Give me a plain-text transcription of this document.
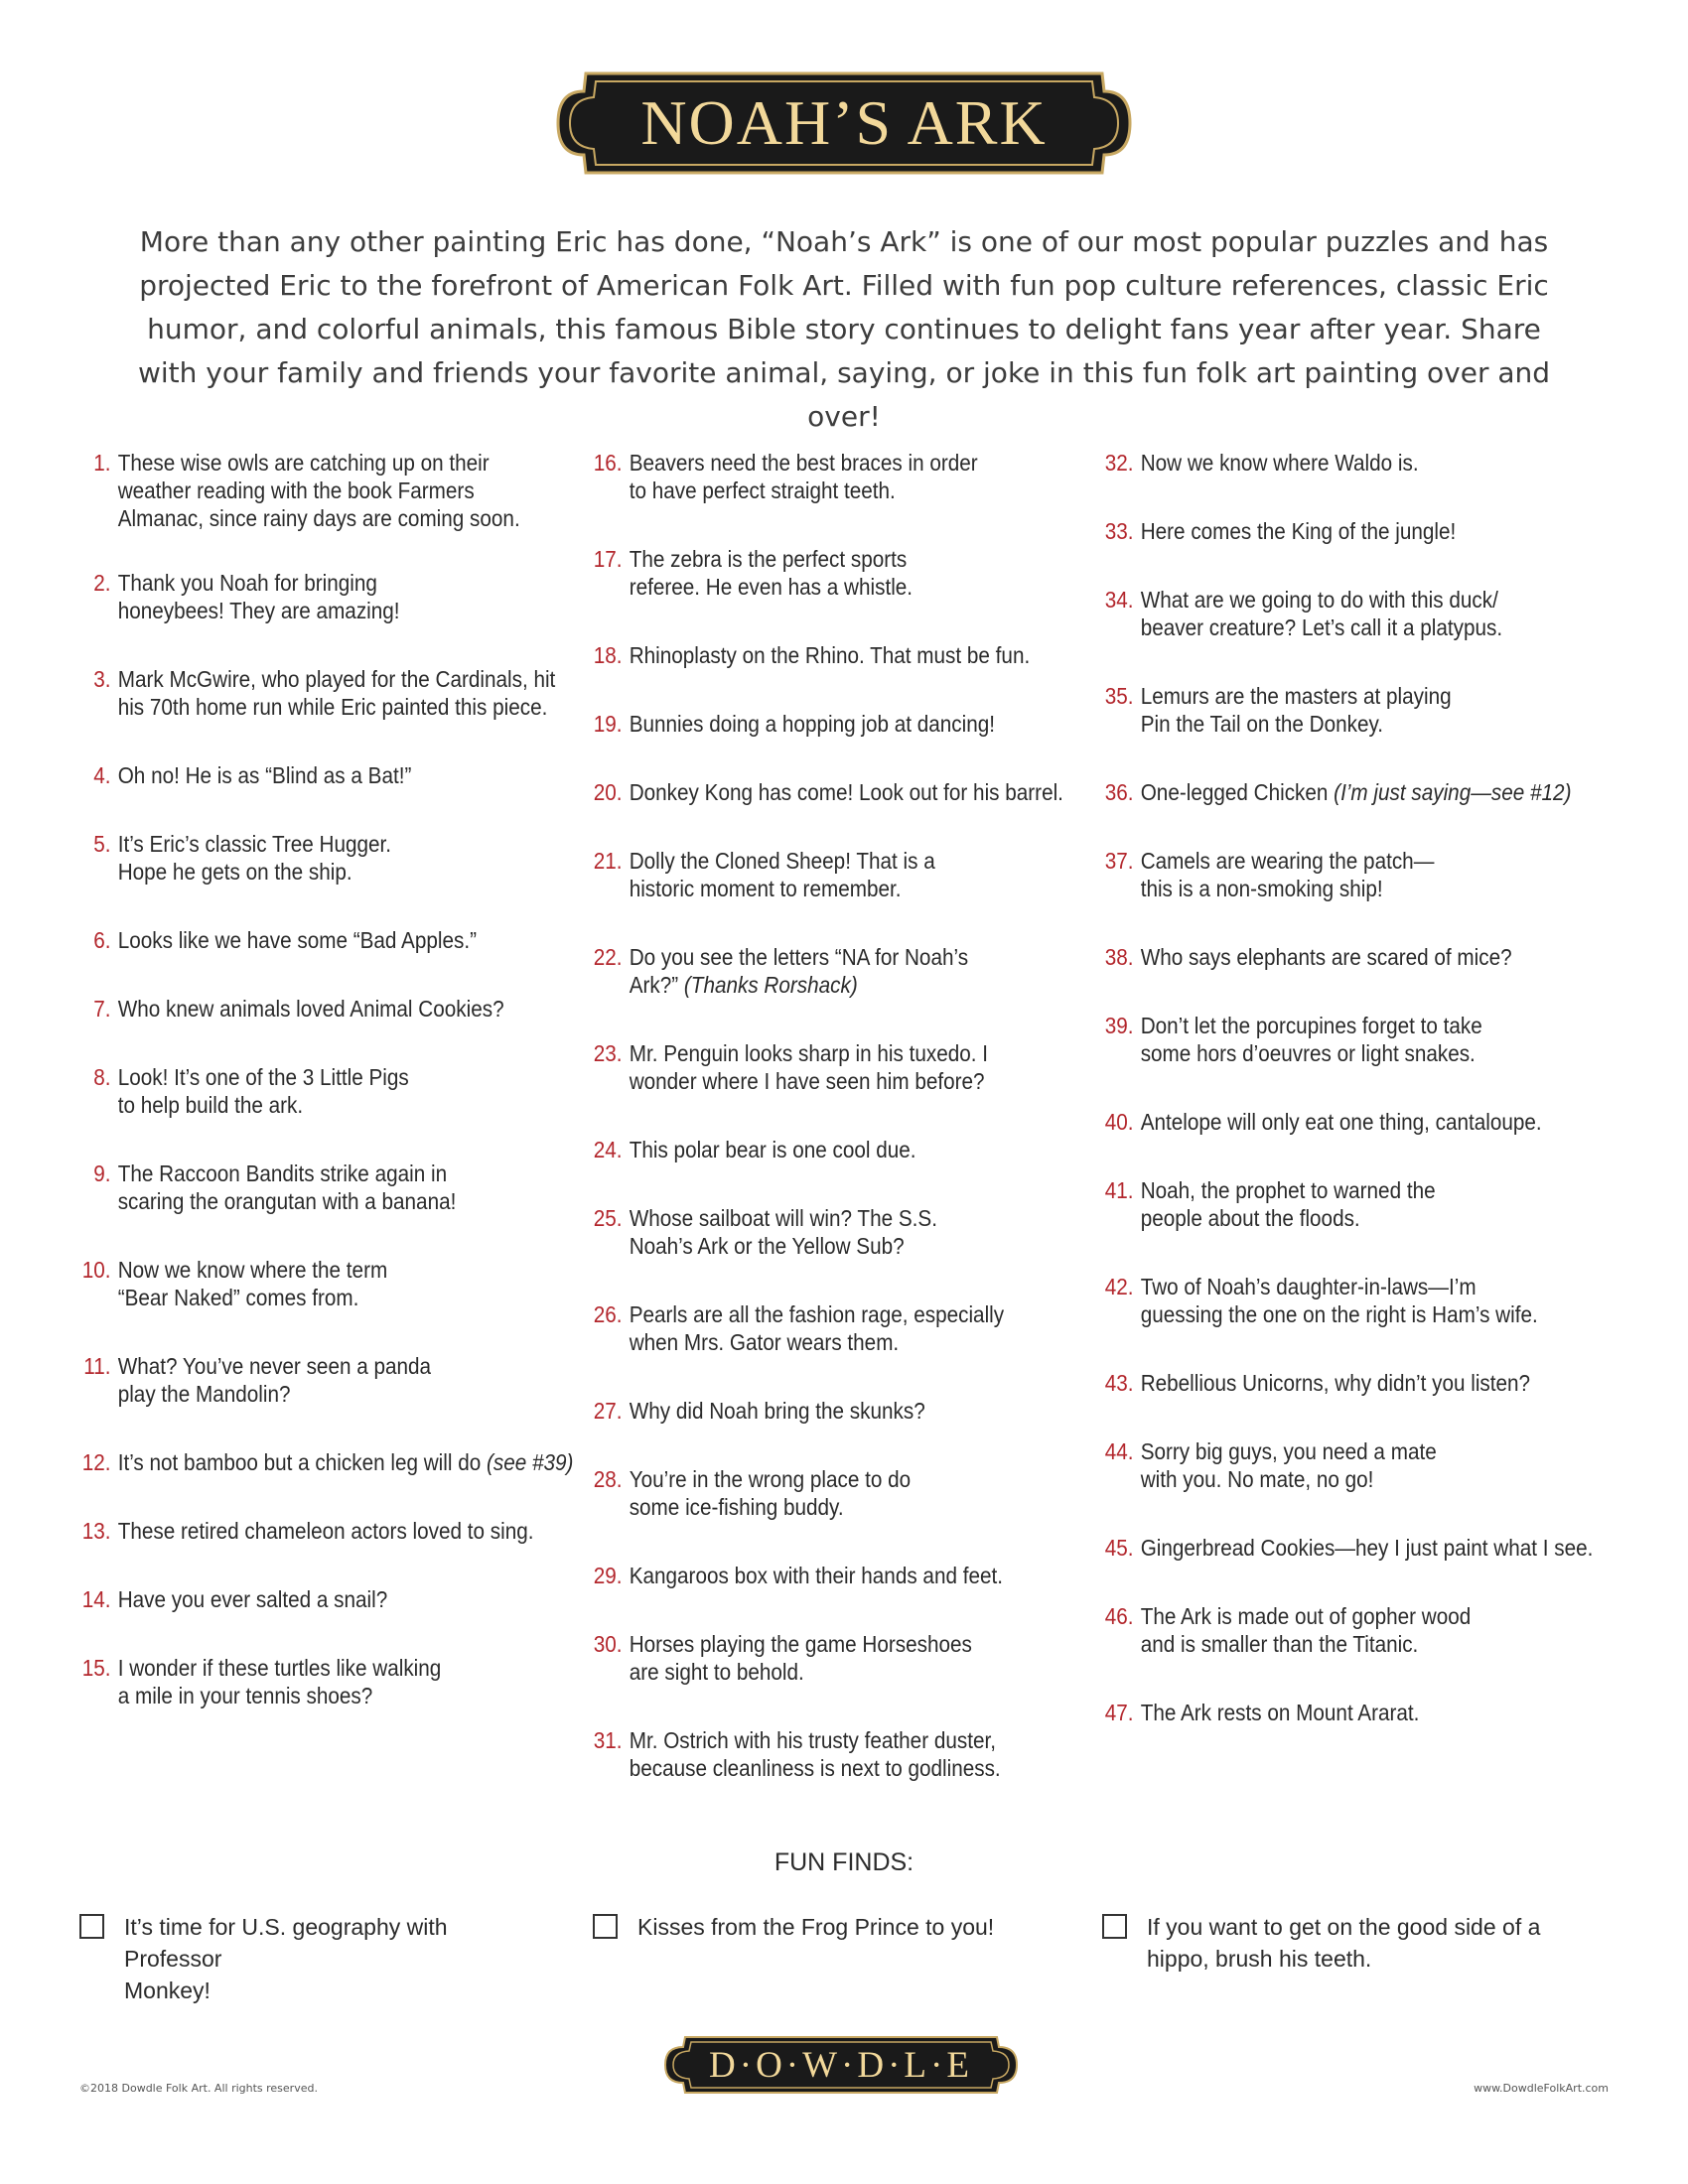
NOAH’S ARK
More than any other painting Eric has done, “Noah’s Ark” is one of our most popular puzzles and has projected Eric to the forefront of American Folk Art. Filled with fun pop culture references, classic Eric humor, and colorful animals, this famous Bible story continues to delight fans year after year. Share with your family and friends your favorite animal, saying, or joke in this fun folk art painting over and over!
1. These wise owls are catching up on their
weather reading with the book Farmers
Almanac, since rainy days are coming soon.
2. Thank you Noah for bringing
honeybees! They are amazing!
3. Mark McGwire, who played for the Cardinals, hit
his 70th home run while Eric painted this piece.
4. Oh no! He is as “Blind as a Bat!”
5. It’s Eric’s classic Tree Hugger.
Hope he gets on the ship.
6. Looks like we have some “Bad Apples.”
7. Who knew animals loved Animal Cookies?
8. Look! It’s one of the 3 Little Pigs
to help build the ark.
9. The Raccoon Bandits strike again in
scaring the orangutan with a banana!
10. Now we know where the term
“Bear Naked” comes from.
11. What? You’ve never seen a panda
play the Mandolin?
12. It’s not bamboo but a chicken leg will do (see #39)
13. These retired chameleon actors loved to sing.
14. Have you ever salted a snail?
15. I wonder if these turtles like walking
a mile in your tennis shoes?
16. Beavers need the best braces in order
to have perfect straight teeth.
17. The zebra is the perfect sports
referee. He even has a whistle.
18. Rhinoplasty on the Rhino. That must be fun.
19. Bunnies doing a hopping job at dancing!
20. Donkey Kong has come! Look out for his barrel.
21. Dolly the Cloned Sheep! That is a
historic moment to remember.
22. Do you see the letters “NA for Noah’s
Ark?” (Thanks Rorshack)
23. Mr. Penguin looks sharp in his tuxedo. I
wonder where I have seen him before?
24. This polar bear is one cool due.
25. Whose sailboat will win? The S.S.
Noah’s Ark or the Yellow Sub?
26. Pearls are all the fashion rage, especially
when Mrs. Gator wears them.
27. Why did Noah bring the skunks?
28. You’re in the wrong place to do
some ice-fishing buddy.
29. Kangaroos box with their hands and feet.
30. Horses playing the game Horseshoes
are sight to behold.
31. Mr. Ostrich with his trusty feather duster,
because cleanliness is next to godliness.
32. Now we know where Waldo is.
33. Here comes the King of the jungle!
34. What are we going to do with this duck/
beaver creature? Let’s call it a platypus.
35. Lemurs are the masters at playing
Pin the Tail on the Donkey.
36. One-legged Chicken (I’m just saying—see #12)
37. Camels are wearing the patch—
this is a non-smoking ship!
38. Who says elephants are scared of mice?
39. Don’t let the porcupines forget to take
some hors d’oeuvres or light snakes.
40. Antelope will only eat one thing, cantaloupe.
41. Noah, the prophet to warned the
people about the floods.
42. Two of Noah’s daughter-in-laws—I’m
guessing the one on the right is Ham’s wife.
43. Rebellious Unicorns, why didn’t you listen?
44. Sorry big guys, you need a mate
with you. No mate, no go!
45. Gingerbread Cookies—hey I just paint what I see.
46. The Ark is made out of gopher wood
and is smaller than the Titanic.
47. The Ark rests on Mount Ararat.
FUN FINDS:
It’s time for U.S. geography with Professor
Monkey!
Kisses from the Frog Prince to you!	If you want to get on the good side of a
hippo, brush his teeth.
D·O·W·D·L·E
©2018 Dowdle Folk Art. All rights reserved.	www.DowdleFolkArt.com
